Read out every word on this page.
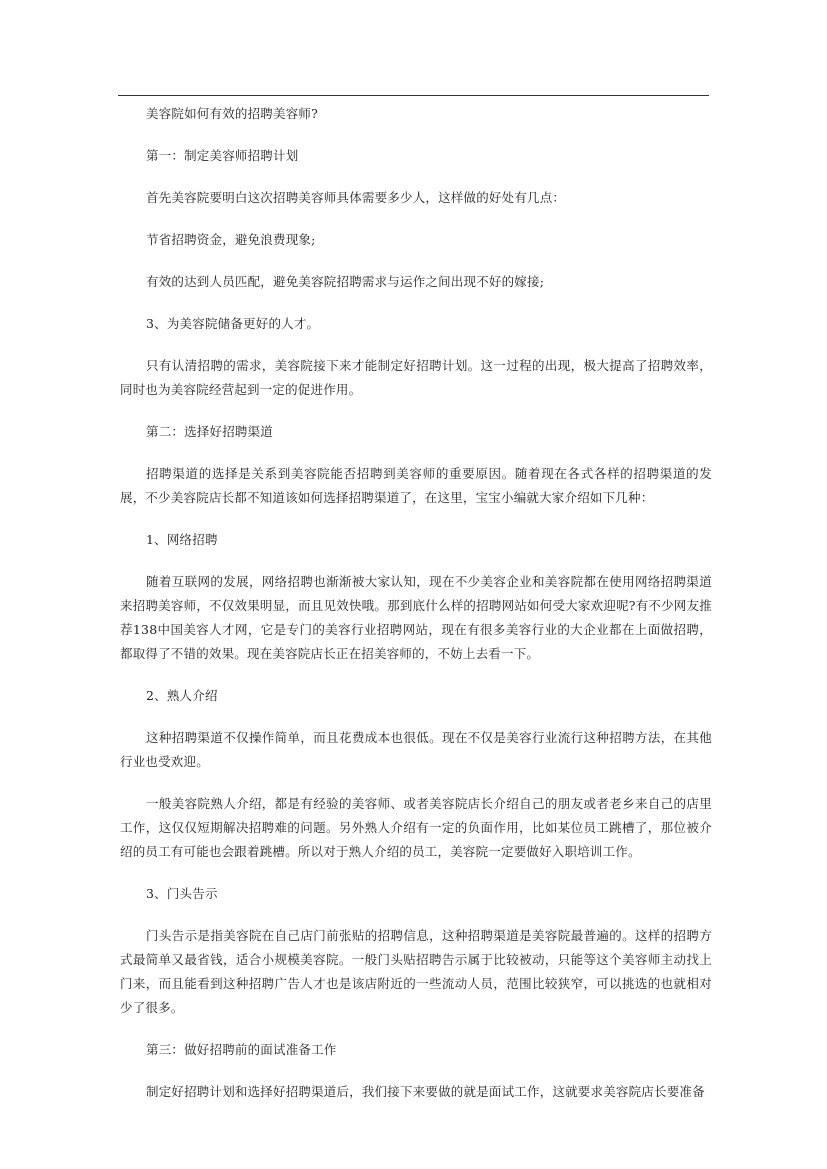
美容院如何有效的招聘美容师?

第一：制定美容师招聘计划

首先美容院要明白这次招聘美容师具体需要多少人，这样做的好处有几点：

节省招聘资金，避免浪费现象;

有效的达到人员匹配，避免美容院招聘需求与运作之间出现不好的嫁接;

3、为美容院储备更好的人才。

只有认清招聘的需求，美容院接下来才能制定好招聘计划。这一过程的出现，极大提高了招聘效率，同时也为美容院经营起到一定的促进作用。

第二：选择好招聘渠道

招聘渠道的选择是关系到美容院能否招聘到美容师的重要原因。随着现在各式各样的招聘渠道的发展，不少美容院店长都不知道该如何选择招聘渠道了，在这里，宝宝小编就大家介绍如下几种：

1、网络招聘

随着互联网的发展，网络招聘也渐渐被大家认知，现在不少美容企业和美容院都在使用网络招聘渠道来招聘美容师，不仅效果明显，而且见效快哦。那到底什么样的招聘网站如何受大家欢迎呢?有不少网友推荐138中国美容人才网，它是专门的美容行业招聘网站，现在有很多美容行业的大企业都在上面做招聘，都取得了不错的效果。现在美容院店长正在招美容师的，不妨上去看一下。

2、熟人介绍

这种招聘渠道不仅操作简单，而且花费成本也很低。现在不仅是美容行业流行这种招聘方法，在其他行业也受欢迎。

一般美容院熟人介绍，都是有经验的美容师、或者美容院店长介绍自己的朋友或者老乡来自己的店里工作，这仅仅短期解决招聘难的问题。另外熟人介绍有一定的负面作用，比如某位员工跳槽了，那位被介绍的员工有可能也会跟着跳槽。所以对于熟人介绍的员工，美容院一定要做好入职培训工作。

3、门头告示

门头告示是指美容院在自己店门前张贴的招聘信息，这种招聘渠道是美容院最普遍的。这样的招聘方式最简单又最省钱，适合小规模美容院。一般门头贴招聘告示属于比较被动，只能等这个美容师主动找上门来，而且能看到这种招聘广告人才也是该店附近的一些流动人员，范围比较狭窄，可以挑选的也就相对少了很多。

第三：做好招聘前的面试准备工作

制定好招聘计划和选择好招聘渠道后，我们接下来要做的就是面试工作，这就要求美容院店长要准备
